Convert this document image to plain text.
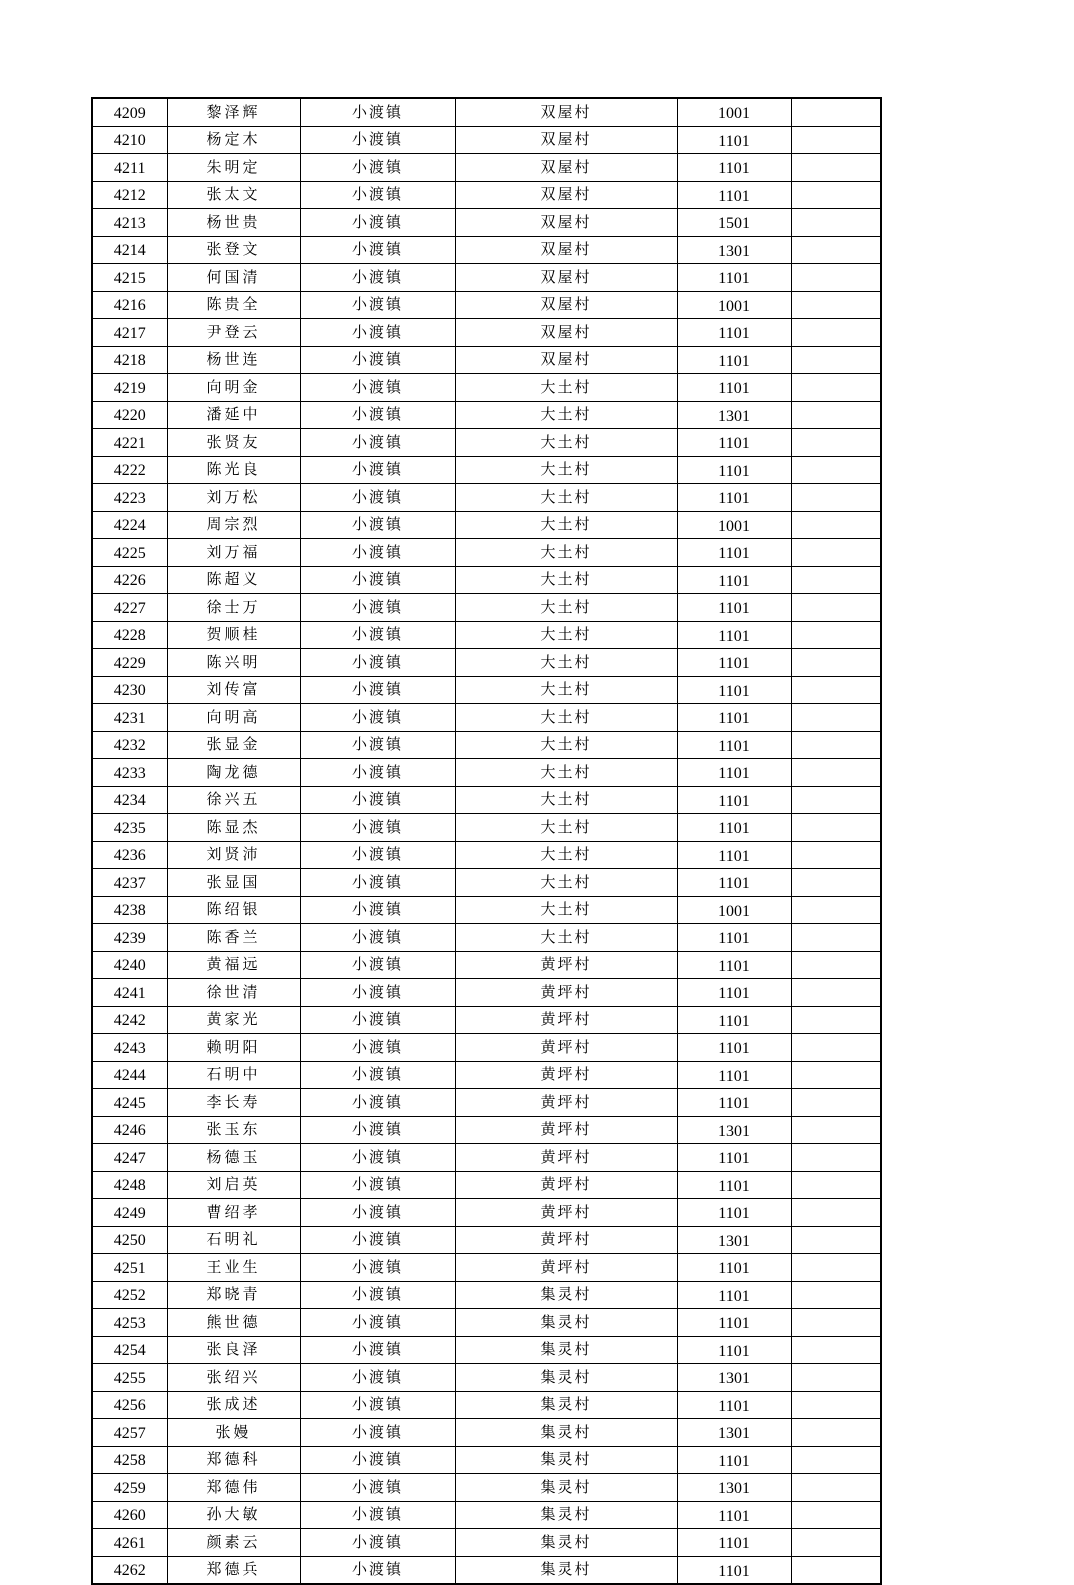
4209	黎泽辉	小渡镇	双屋村	1001	
4210	杨定木	小渡镇	双屋村	1101	
4211	朱明定	小渡镇	双屋村	1101	
4212	张太文	小渡镇	双屋村	1101	
4213	杨世贵	小渡镇	双屋村	1501	
4214	张登文	小渡镇	双屋村	1301	
4215	何国清	小渡镇	双屋村	1101	
4216	陈贵全	小渡镇	双屋村	1001	
4217	尹登云	小渡镇	双屋村	1101	
4218	杨世连	小渡镇	双屋村	1101	
4219	向明金	小渡镇	大土村	1101	
4220	潘延中	小渡镇	大土村	1301	
4221	张贤友	小渡镇	大土村	1101	
4222	陈光良	小渡镇	大土村	1101	
4223	刘万松	小渡镇	大土村	1101	
4224	周宗烈	小渡镇	大土村	1001	
4225	刘万福	小渡镇	大土村	1101	
4226	陈超义	小渡镇	大土村	1101	
4227	徐士万	小渡镇	大土村	1101	
4228	贺顺桂	小渡镇	大土村	1101	
4229	陈兴明	小渡镇	大土村	1101	
4230	刘传富	小渡镇	大土村	1101	
4231	向明高	小渡镇	大土村	1101	
4232	张显金	小渡镇	大土村	1101	
4233	陶龙德	小渡镇	大土村	1101	
4234	徐兴五	小渡镇	大土村	1101	
4235	陈显杰	小渡镇	大土村	1101	
4236	刘贤沛	小渡镇	大土村	1101	
4237	张显国	小渡镇	大土村	1101	
4238	陈绍银	小渡镇	大土村	1001	
4239	陈香兰	小渡镇	大土村	1101	
4240	黄福远	小渡镇	黄坪村	1101	
4241	徐世清	小渡镇	黄坪村	1101	
4242	黄家光	小渡镇	黄坪村	1101	
4243	赖明阳	小渡镇	黄坪村	1101	
4244	石明中	小渡镇	黄坪村	1101	
4245	李长寿	小渡镇	黄坪村	1101	
4246	张玉东	小渡镇	黄坪村	1301	
4247	杨德玉	小渡镇	黄坪村	1101	
4248	刘启英	小渡镇	黄坪村	1101	
4249	曹绍孝	小渡镇	黄坪村	1101	
4250	石明礼	小渡镇	黄坪村	1301	
4251	王业生	小渡镇	黄坪村	1101	
4252	郑晓青	小渡镇	集灵村	1101	
4253	熊世德	小渡镇	集灵村	1101	
4254	张良泽	小渡镇	集灵村	1101	
4255	张绍兴	小渡镇	集灵村	1301	
4256	张成述	小渡镇	集灵村	1101	
4257	张嫚	小渡镇	集灵村	1301	
4258	郑德科	小渡镇	集灵村	1101	
4259	郑德伟	小渡镇	集灵村	1301	
4260	孙大敏	小渡镇	集灵村	1101	
4261	颜素云	小渡镇	集灵村	1101	
4262	郑德兵	小渡镇	集灵村	1101	
